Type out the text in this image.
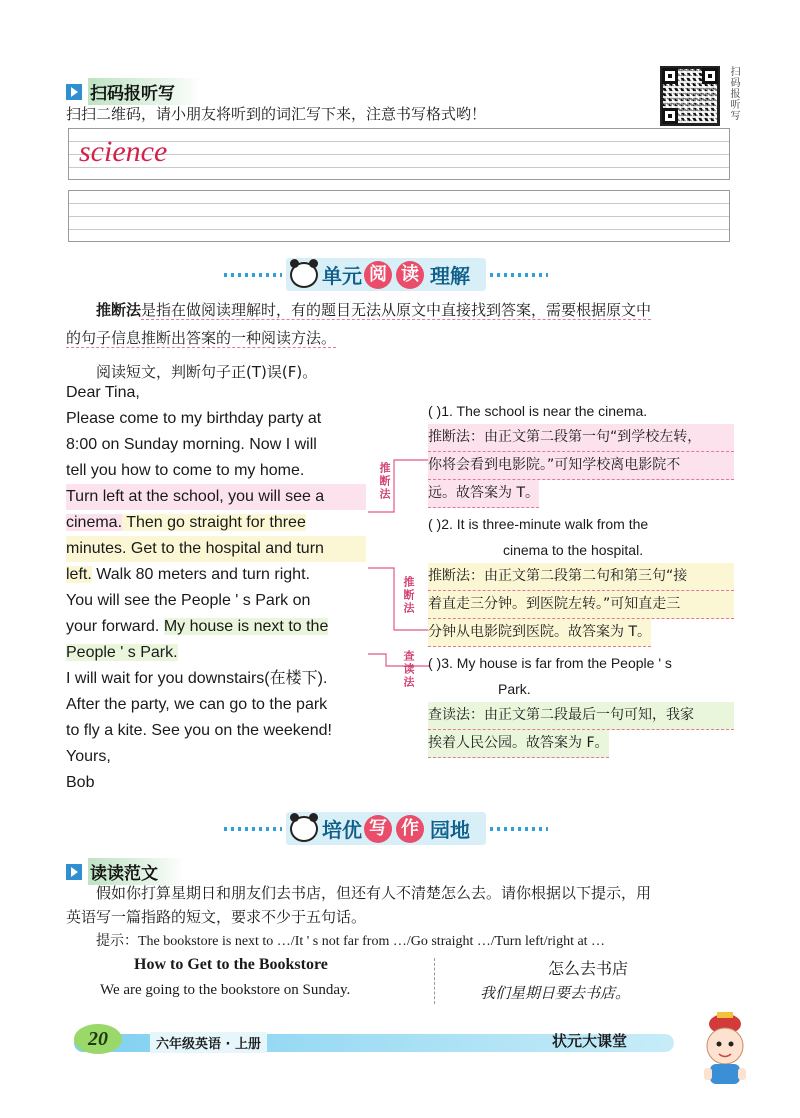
扫码报听写
扫扫二维码，请小朋友将听到的词汇写下来，注意书写格式哟！	扫码报听写
science
单元 阅 读 理解
推断法是指在做阅读理解时，有的题目无法从原文中直接找到答案，需要根据原文中
的句子信息推断出答案的一种阅读方法。
阅读短文，判断句子正(T)误(F)。
Dear Tina,
Please come to my birthday party at
8:00 on Sunday morning. Now I will
tell you how to come to my home.
Turn left at the school, you will see a
cinema. Then go straight for three
minutes. Get to the hospital and turn
left. Walk 80 meters and turn right.
You will see the People ' s Park on
your forward. My house is next to the
People ' s Park.
I will wait for you downstairs(在楼下).
After the party, we can go to the park
to fly a kite. See you on the weekend!
Yours,
Bob
推断法
推断法
查读法
( )1. The school is near the cinema.
推断法：由正文第二段第一句“到学校左转，
你将会看到电影院。”可知学校离电影院不
远。故答案为 T。
( )2. It is three-minute walk from the
cinema to the hospital.
推断法：由正文第二段第二句和第三句“接
着直走三分钟。到医院左转。”可知直走三
分钟从电影院到医院。故答案为 T。
( )3. My house is far from the People ' s
Park.
查读法：由正文第二段最后一句可知，我家
挨着人民公园。故答案为 F。
培优 写 作 园地
读读范文
假如你打算星期日和朋友们去书店，但还有人不清楚怎么去。请你根据以下提示，用
英语写一篇指路的短文，要求不少于五句话。
提示：The bookstore is next to …/It ' s not far from …/Go straight …/Turn left/right at …
How to Get to the Bookstore
We are going to the bookstore on Sunday.
怎么去书店
我们星期日要去书店。
20	六年级英语 · 上册	状元大课堂
